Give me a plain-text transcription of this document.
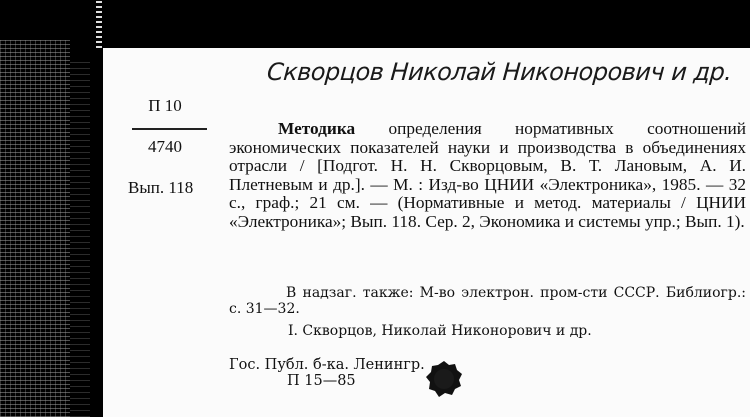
Скворцов Николай Никонорович и др.
П 10
4740
Вып. 118
Методика определения нормативных соотношений экономических показателей науки и производства в объединениях отрасли / [Подгот. Н. Н. Скворцовым, В. Т. Лановым, А. И. Плетневым и др.]. — М. : Изд-во ЦНИИ «Электроника», 1985. — 32 с., граф.; 21 см. — (Нормативные и метод. материалы / ЦНИИ «Электроника»; Вып. 118. Сер. 2, Экономика и системы упр.; Вып. 1).
В надзаг. также: М-во электрон. пром-сти СССР. Библиогр.: с. 31—32.
I. Скворцов, Николай Никонорович и др.
Гос. Публ. б-ка. Ленингр.
П 15—85
